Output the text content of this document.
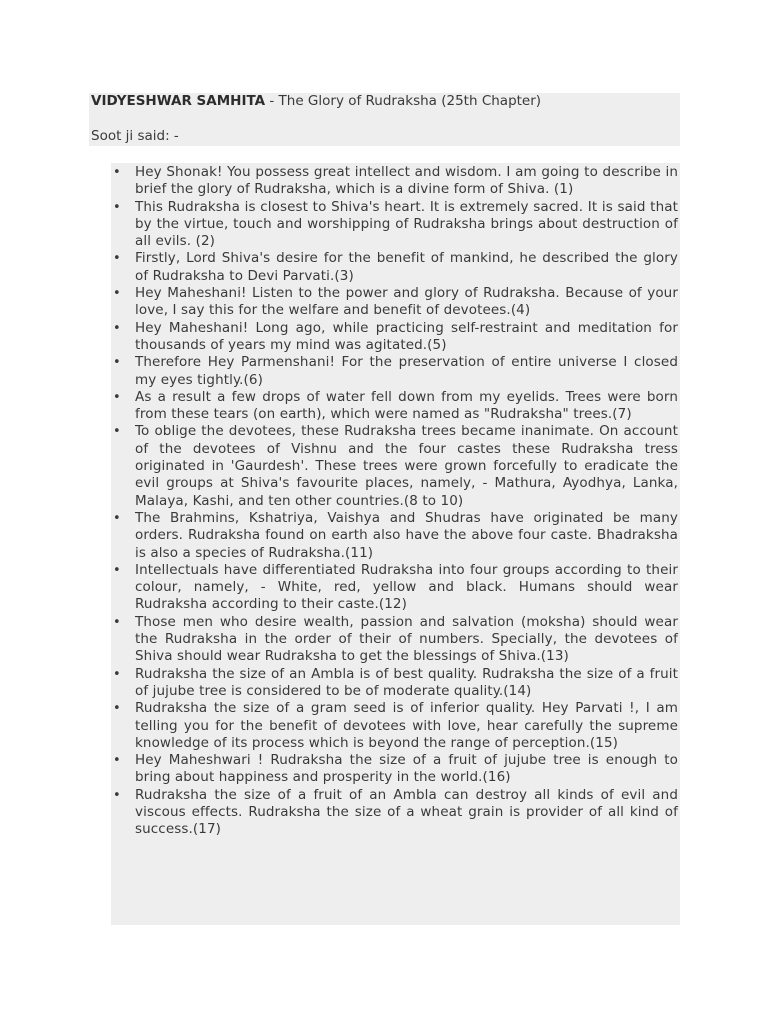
VIDYESHWAR SAMHITA - The Glory of Rudraksha (25th Chapter)
Soot ji said: -
• Hey Shonak! You possess great intellect and wisdom. I am going to describe in brief the glory of Rudraksha, which is a divine form of Shiva. (1)
• This Rudraksha is closest to Shiva's heart. It is extremely sacred. It is said that by the virtue, touch and worshipping of Rudraksha brings about destruction of all evils. (2)
• Firstly, Lord Shiva's desire for the benefit of mankind, he described the glory of Rudraksha to Devi Parvati.(3)
• Hey Maheshani! Listen to the power and glory of Rudraksha. Because of your love, I say this for the welfare and benefit of devotees.(4)
• Hey Maheshani! Long ago, while practicing self-restraint and meditation for thousands of years my mind was agitated.(5)
• Therefore Hey Parmenshani! For the preservation of entire universe I closed my eyes tightly.(6)
• As a result a few drops of water fell down from my eyelids. Trees were born from these tears (on earth), which were named as "Rudraksha" trees.(7)
• To oblige the devotees, these Rudraksha trees became inanimate. On account of the devotees of Vishnu and the four castes these Rudraksha tress originated in 'Gaurdesh'. These trees were grown forcefully to eradicate the evil groups at Shiva's favourite places, namely, - Mathura, Ayodhya, Lanka, Malaya, Kashi, and ten other countries.(8 to 10)
• The Brahmins, Kshatriya, Vaishya and Shudras have originated be many orders. Rudraksha found on earth also have the above four caste. Bhadraksha is also a species of Rudraksha.(11)
• Intellectuals have differentiated Rudraksha into four groups according to their colour, namely, - White, red, yellow and black. Humans should wear Rudraksha according to their caste.(12)
• Those men who desire wealth, passion and salvation (moksha) should wear the Rudraksha in the order of their of numbers. Specially, the devotees of Shiva should wear Rudraksha to get the blessings of Shiva.(13)
• Rudraksha the size of an Ambla is of best quality. Rudraksha the size of a fruit of jujube tree is considered to be of moderate quality.(14)
• Rudraksha the size of a gram seed is of inferior quality. Hey Parvati !, I am telling you for the benefit of devotees with love, hear carefully the supreme knowledge of its process which is beyond the range of perception.(15)
• Hey Maheshwari ! Rudraksha the size of a fruit of jujube tree is enough to bring about happiness and prosperity in the world.(16)
• Rudraksha the size of a fruit of an Ambla can destroy all kinds of evil and viscous effects. Rudraksha the size of a wheat grain is provider of all kind of success.(17)
